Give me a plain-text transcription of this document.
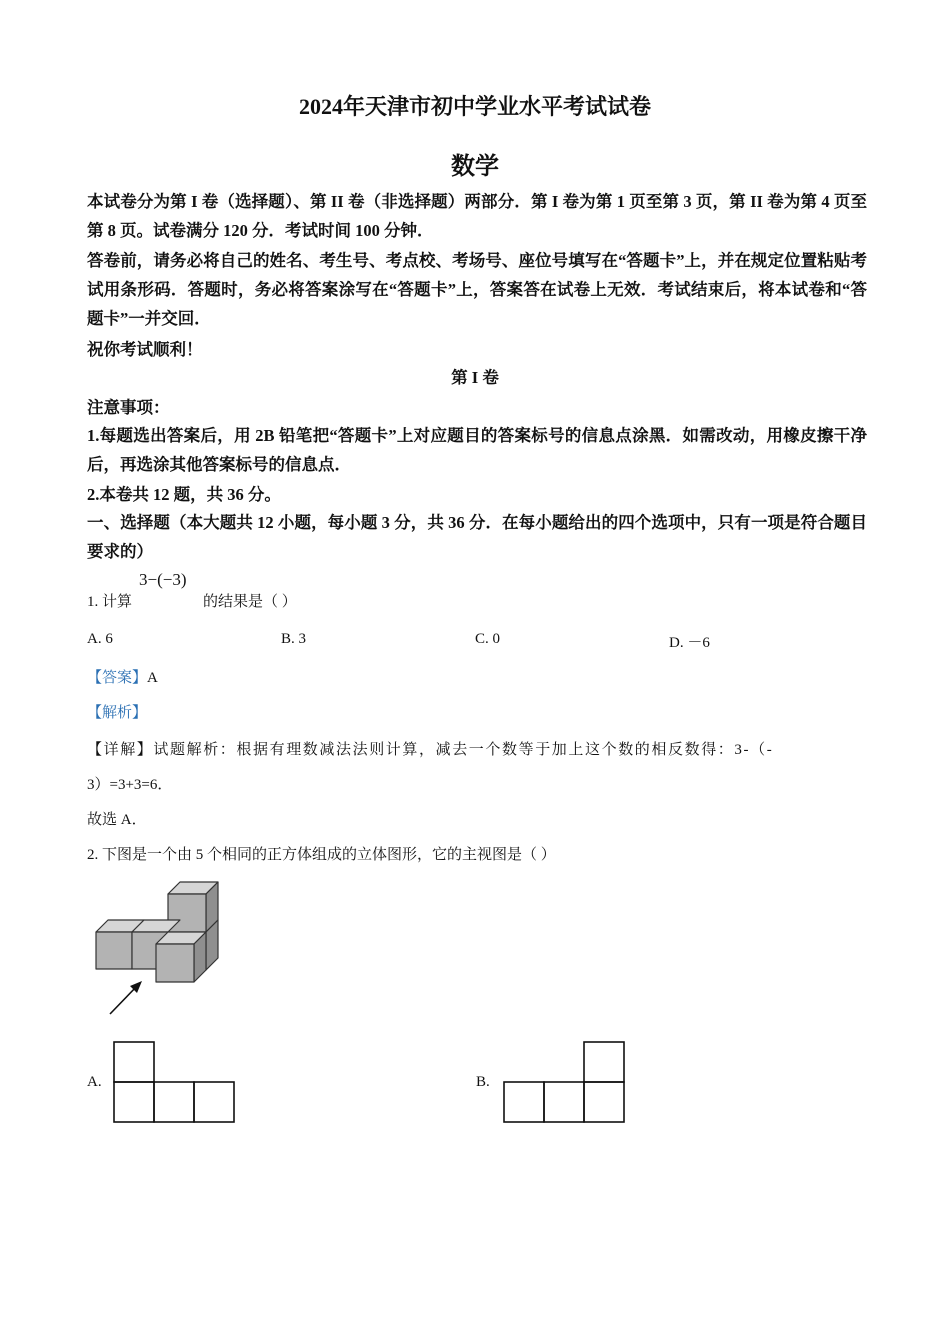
2024年天津市初中学业水平考试试卷
数学
本试卷分为第 I 卷（选择题）、第 II 卷（非选择题）两部分．第 I 卷为第 1 页至第 3 页，第 II 卷为第 4 页至第 8 页。试卷满分 120 分．考试时间 100 分钟．
答卷前，请务必将自己的姓名、考生号、考点校、考场号、座位号填写在“答题卡”上，并在规定位置粘贴考试用条形码．答题时，务必将答案涂写在“答题卡”上，答案答在试卷上无效．考试结束后，将本试卷和“答题卡”一并交回．
祝你考试顺利！
第 I 卷
注意事项：
1.每题选出答案后，用 2B 铅笔把“答题卡”上对应题目的答案标号的信息点涂黑．如需改动，用橡皮擦干净后，再选涂其他答案标号的信息点．
2.本卷共 12 题，共 36 分。
一、选择题（本大题共 12 小题，每小题 3 分，共 36 分．在每小题给出的四个选项中，只有一项是符合题目要求的）
1. 计算
3−(−3)
的结果是（ ）
A. 6	B. 3	C. 0	D. －6
【答案】A
【解析】
【详解】试题解析：根据有理数减法法则计算，减去一个数等于加上这个数的相反数得：3-（-
3）=3+3=6．
故选 A．
2. 下图是一个由 5 个相同的正方体组成的立体图形，它的主视图是（ ）
A.	B.
